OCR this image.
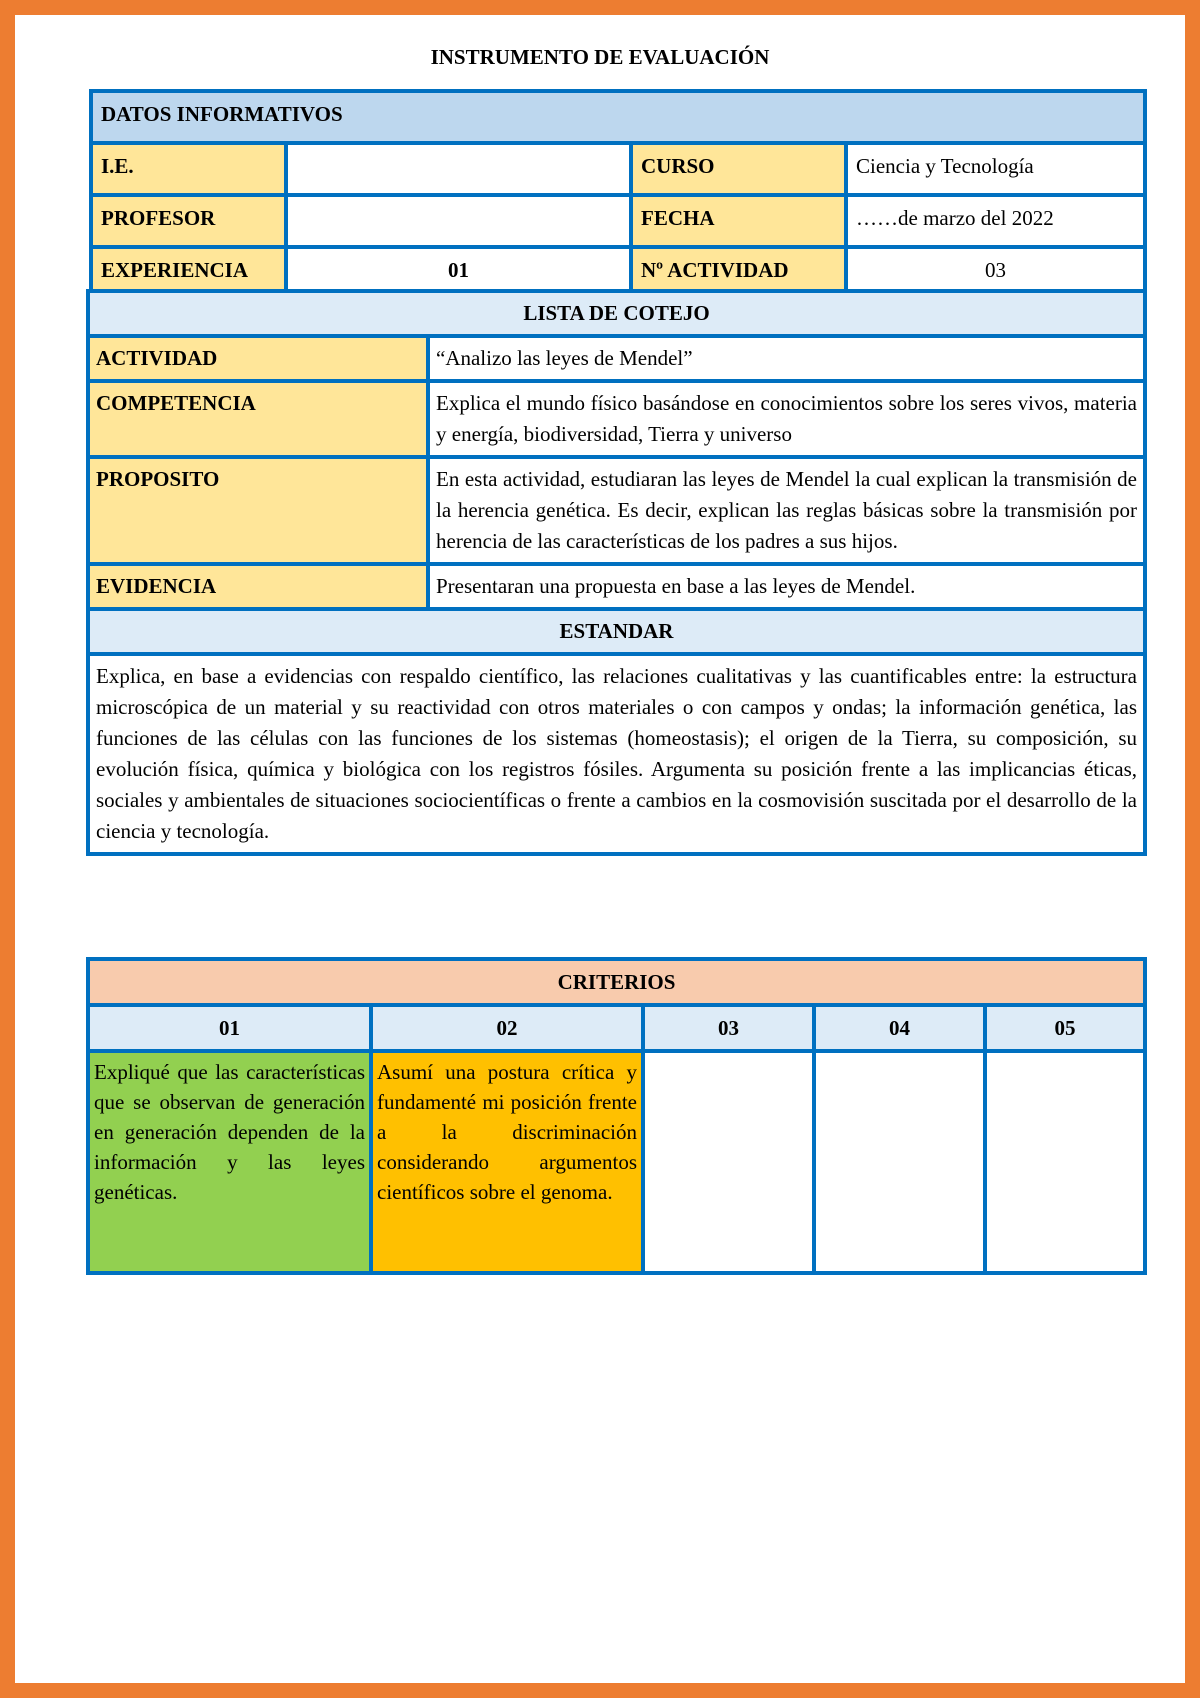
INSTRUMENTO DE EVALUACIÓN
DATOS INFORMATIVOS			
I.E.		CURSO	Ciencia y Tecnología
PROFESOR		FECHA	……de marzo del 2022
EXPERIENCIA	01	Nº ACTIVIDAD	03
LISTA DE COTEJO	
ACTIVIDAD	“Analizo las leyes de Mendel”
COMPETENCIA	Explica el mundo físico basándose en conocimientos sobre los seres vivos, materia y energía, biodiversidad, Tierra y universo
PROPOSITO	En esta actividad, estudiaran las leyes de Mendel la cual explican la transmisión de la herencia genética. Es decir, explican las reglas básicas sobre la transmisión por herencia de las características de los padres a sus hijos.
EVIDENCIA	Presentaran una propuesta en base a las leyes de Mendel.
ESTANDAR	
Explica, en base a evidencias con respaldo científico, las relaciones cualitativas y las cuantificables entre: la estructura microscópica de un material y su reactividad con otros materiales o con campos y ondas; la información genética, las funciones de las células con las funciones de los sistemas (homeostasis); el origen de la Tierra, su composición, su evolución física, química y biológica con los registros fósiles. Argumenta su posición frente a las implicancias éticas, sociales y ambientales de situaciones sociocientíficas o frente a cambios en la cosmovisión suscitada por el desarrollo de la ciencia y tecnología.	
CRITERIOS				
01	02	03	04	05
Expliqué que las características que se observan de generación en generación dependen de la información y las leyes genéticas.	Asumí una postura crítica y fundamenté mi posición frente a la discriminación considerando argumentos científicos sobre el genoma.			
